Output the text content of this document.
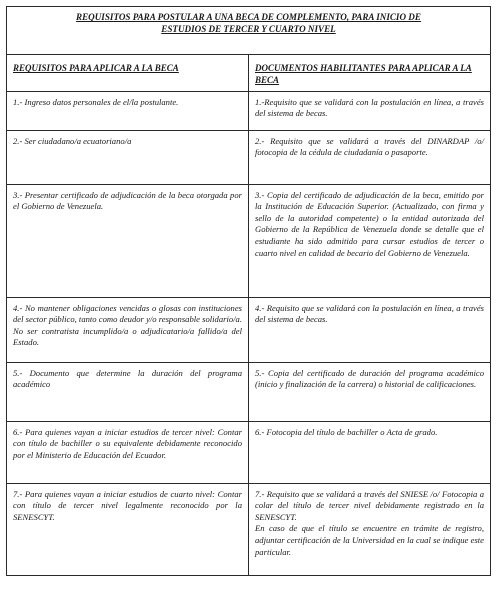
REQUISITOS PARA POSTULAR A UNA BECA DE COMPLEMENTO, PARA INICIO DE
ESTUDIOS DE TERCER Y CUARTO NIVEL	

REQUISITOS PARA APLICAR A LA BECA	DOCUMENTOS HABILITANTES PARA APLICAR A LA BECA
1.- Ingreso datos personales de el/la postulante.	1.-Requisito que se validará con la postulación en línea, a través del sistema de becas.
2.- Ser ciudadano/a ecuatoriano/a	2.- Requisito que se validará a través del DINARDAP /o/ fotocopia de la cédula de ciudadanía o pasaporte.
3.- Presentar certificado de adjudicación de la beca otorgada por el Gobierno de Venezuela.	3.- Copia del certificado de adjudicación de la beca, emitido por la Institución de Educación Superior. (Actualizado, con firma y sello de la autoridad competente) o la entidad autorizada del Gobierno de la República de Venezuela donde se detalle que el estudiante ha sido admitido para cursar estudios de tercer o cuarto nivel en calidad de becario del Gobierno de Venezuela.
4.- No mantener obligaciones vencidas o glosas con instituciones del sector público, tanto como deudor y/o responsable solidario/a. No ser contratista incumplido/a o adjudicatario/a fallido/a del Estado.	4.- Requisito que se validará con la postulación en línea, a través del sistema de becas.
5.- Documento que determine la duración del programa académico	5.- Copia del certificado de duración del programa académico (inicio y finalización de la carrera) o historial de calificaciones.
6.- Para quienes vayan a iniciar estudios de tercer nivel: Contar con título de bachiller o su equivalente debidamente reconocido por el Ministerio de Educación del Ecuador.	6.- Fotocopia del título de bachiller o Acta de grado.
7.- Para quienes vayan a iniciar estudios de cuarto nivel: Contar con título de tercer nivel legalmente reconocido por la SENESCYT.	7.- Requisito que se validará a través del SNIESE /o/ Fotocopia a colar del título de tercer nivel debidamente registrado en la SENESCYT.
En caso de que el título se encuentre en trámite de registro, adjuntar certificación de la Universidad en la cual se indique este particular.
